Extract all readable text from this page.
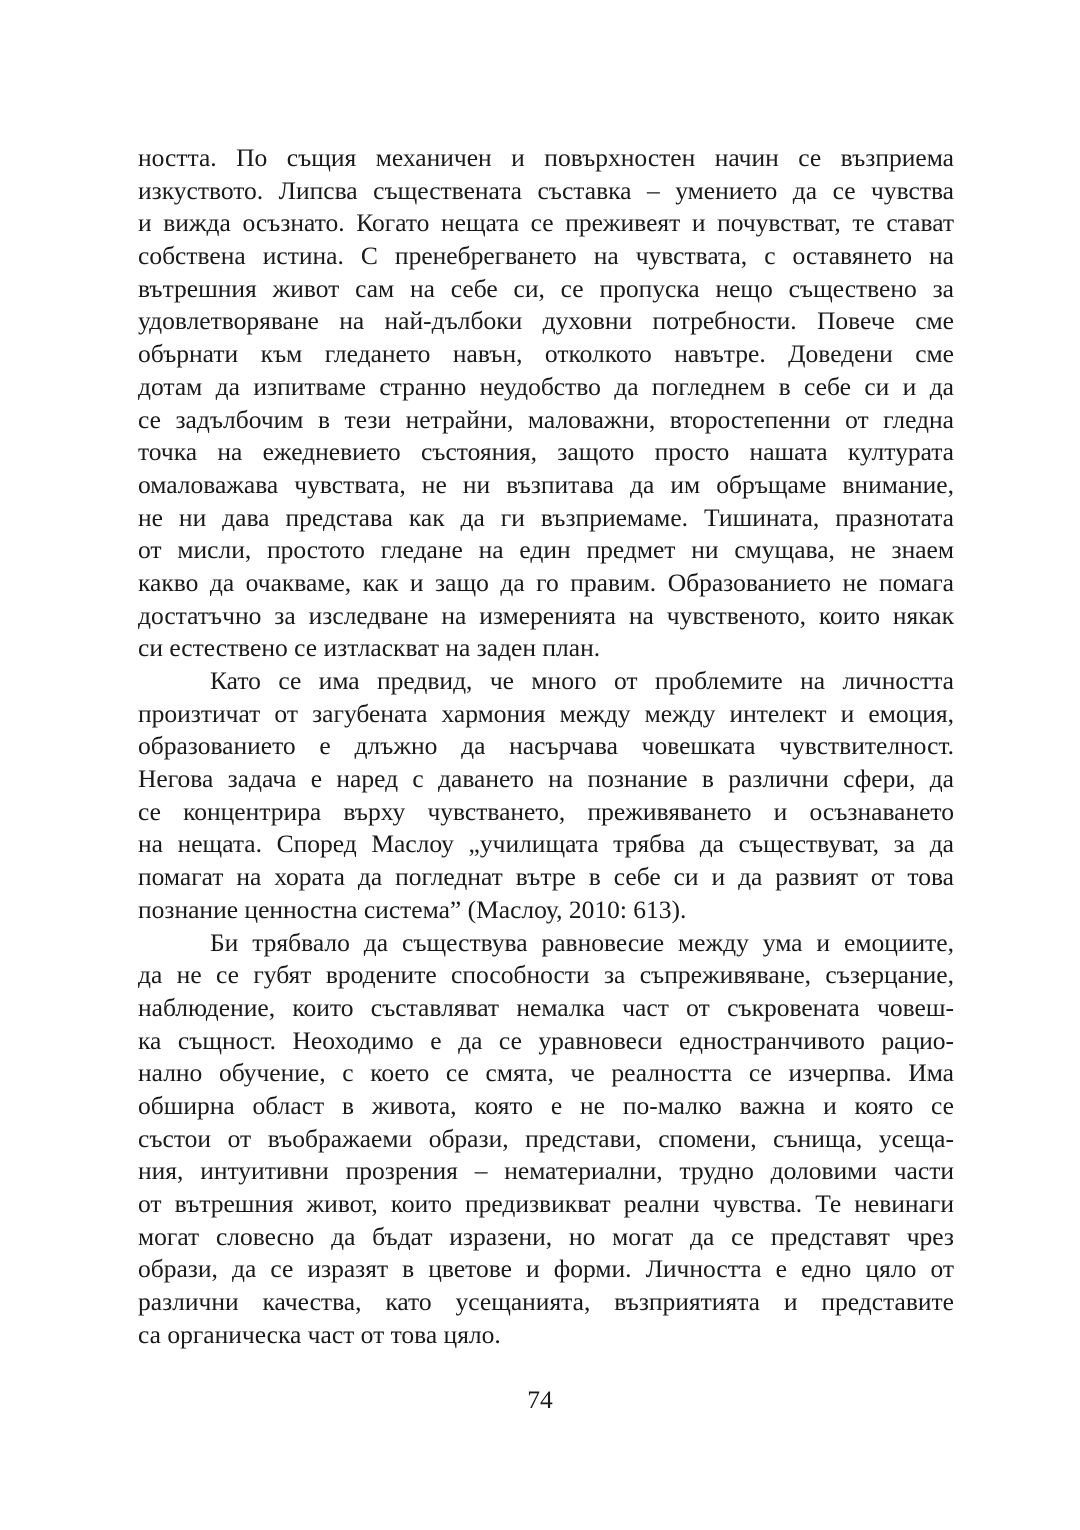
ността. По същия механичен и повърхностен начин се възприема
изкуството. Липсва съществената съставка – умението да се чувства
и вижда осъзнато. Когато нещата се преживеят и почувстват, те стават
собствена истина. С пренебрегването на чувствата, с оставянето на
вътрешния живот сам на себе си, се пропуска нещо съществено за
удовлетворяване на най-дълбоки духовни потребности. Повече сме
обърнати към гледането навън, отколкото навътре. Доведени сме
дотам да изпитваме странно неудобство да погледнем в себе си и да
се задълбочим в тези нетрайни, маловажни, второстепенни от гледна
точка на ежедневието състояния, защото просто нашата културата
омаловажава чувствата, не ни възпитава да им обръщаме внимание,
не ни дава представа как да ги възприемаме. Тишината, празнотата
от мисли, простото гледане на един предмет ни смущава, не знаем
какво да очакваме, как и защо да го правим. Образованието не помага
достатъчно за изследване на измеренията на чувственото, които някак
си естествено се изтласкват на заден план.
Като се има предвид, че много от проблемите на личността
произтичат от загубената хармония между между интелект и емоция,
образованието е длъжно да насърчава човешката чувствителност.
Негова задача е наред с даването на познание в различни сфери, да
се концентрира върху чувстването, преживяването и осъзнаването
на нещата. Според Маслоу „училищата трябва да съществуват, за да
помагат на хората да погледнат вътре в себе си и да развият от това
познание ценностна система” (Маслоу, 2010: 613).
Би трябвало да съществува равновесие между ума и емоциите,
да не се губят вродените способности за съпреживяване, съзерцание,
наблюдение, които съставляват немалка част от съкровената човеш-
ка същност. Неоходимо е да се уравновеси едностранчивото рацио-
нално обучение, с което се смята, че реалността се изчерпва. Има
обширна област в живота, която е не по-малко важна и която се
състои от въображаеми образи, представи, спомени, сънища, усеща-
ния, интуитивни прозрения – нематериални, трудно доловими части
от вътрешния живот, които предизвикват реални чувства. Те невинаги
могат словесно да бъдат изразени, но могат да се представят чрез
образи, да се изразят в цветове и форми. Личността е едно цяло от
различни качества, като усещанията, възприятията и представите
са органическа част от това цяло.
74
